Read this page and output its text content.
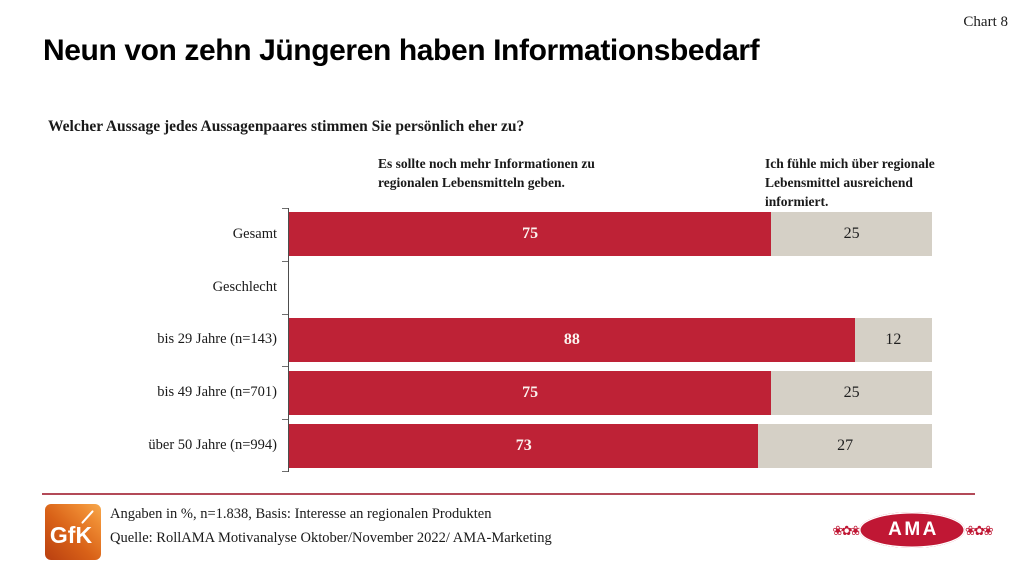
Chart 8
Neun von zehn Jüngeren haben Informationsbedarf
Welcher Aussage jedes Aussagenpaares stimmen Sie persönlich eher zu?
Es sollte noch mehr Informationen zu regionalen Lebensmitteln geben.
Ich fühle mich über regionale Lebensmittel ausreichend informiert.
Gesamt	75	25
Geschlecht
bis 29 Jahre (n=143)	88	12
bis 49 Jahre (n=701)	75	25
über 50 Jahre (n=994)	73	27
GfK
Angaben in %, n=1.838, Basis: Interesse an regionalen Produkten
Quelle: RollAMA Motivanalyse Oktober/November 2022/ AMA-Marketing	❀✿❀ AMA ❀✿❀
